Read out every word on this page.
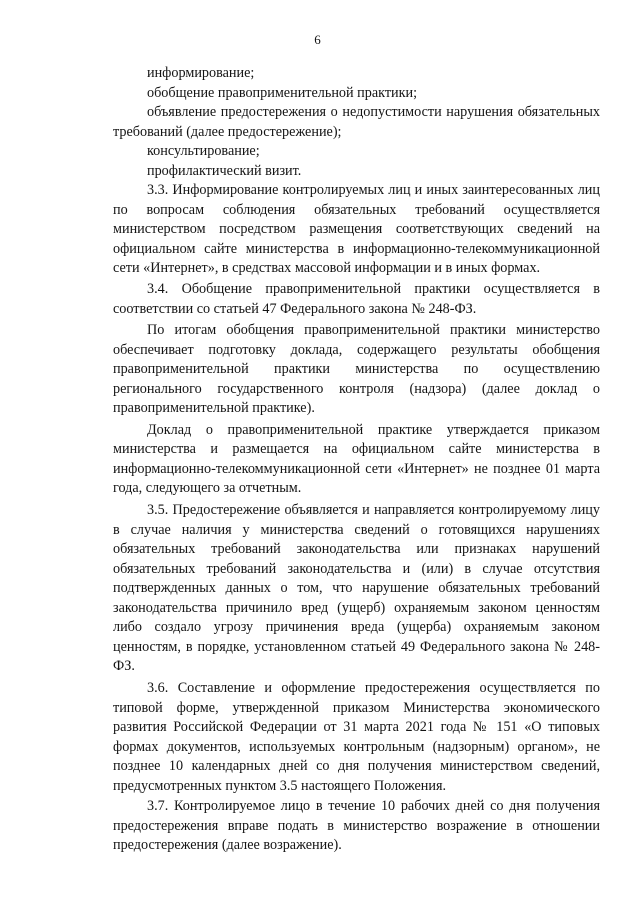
6

информирование;

обобщение правоприменительной практики;

объявление предостережения о недопустимости нарушения обязательных требований (далее предостережение);

консультирование;

профилактический визит.

3.3. Информирование контролируемых лиц и иных заинтересованных лиц по вопросам соблюдения обязательных требований осуществляется министерством посредством размещения соответствующих сведений на официальном сайте министерства в информационно-телекоммуникационной сети «Интернет», в средствах массовой информации и в иных формах.

3.4. Обобщение правоприменительной практики осуществляется в соответствии со статьей 47 Федерального закона № 248-ФЗ.

По итогам обобщения правоприменительной практики министерство обеспечивает подготовку доклада, содержащего результаты обобщения правоприменительной практики министерства по осуществлению регионального государственного контроля (надзора) (далее доклад о правоприменительной практике).

Доклад о правоприменительной практике утверждается приказом министерства и размещается на официальном сайте министерства в информационно-телекоммуникационной сети «Интернет» не позднее 01 марта года, следующего за отчетным.

3.5. Предостережение объявляется и направляется контролируемому лицу в случае наличия у министерства сведений о готовящихся нарушениях обязательных требований законодательства или признаках нарушений обязательных требований законодательства и (или) в случае отсутствия подтвержденных данных о том, что нарушение обязательных требований законодательства причинило вред (ущерб) охраняемым законом ценностям либо создало угрозу причинения вреда (ущерба) охраняемым законом ценностям, в порядке, установленном статьей 49 Федерального закона № 248-ФЗ.

3.6. Составление и оформление предостережения осуществляется по типовой форме, утвержденной приказом Министерства экономического развития Российской Федерации от 31 марта 2021 года № 151 «О типовых формах документов, используемых контрольным (надзорным) органом», не позднее 10 календарных дней со дня получения министерством сведений, предусмотренных пунктом 3.5 настоящего Положения.

3.7. Контролируемое лицо в течение 10 рабочих дней со дня получения предостережения вправе подать в министерство возражение в отношении предостережения (далее возражение).
